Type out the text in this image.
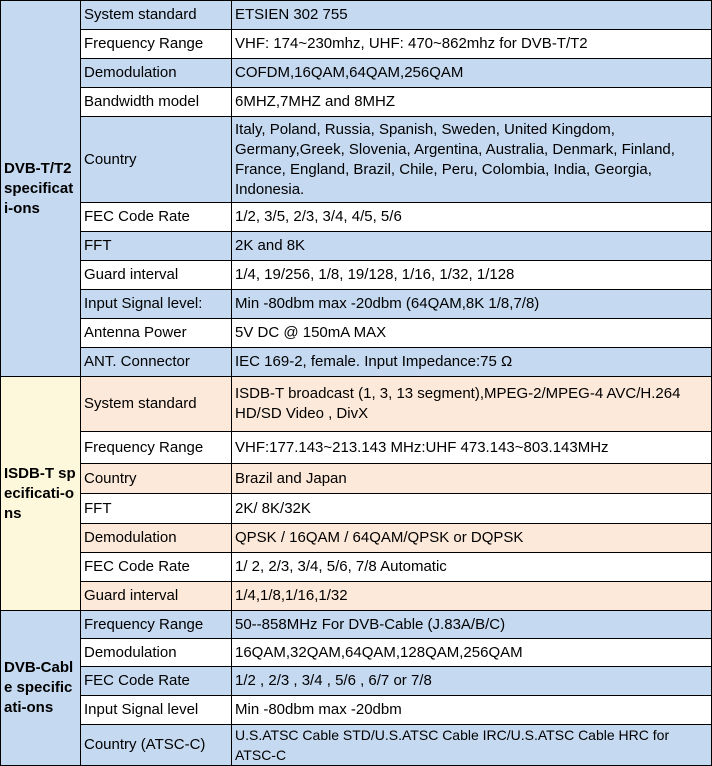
DVB-T/T2 specificati-ons	System standard	ETSIEN 302 755
	Frequency Range	VHF: 174~230mhz, UHF: 470~862mhz for DVB-T/T2
	Demodulation	COFDM,16QAM,64QAM,256QAM
	Bandwidth model	6MHZ,7MHZ and 8MHZ
	Country	Italy, Poland, Russia, Spanish, Sweden, United Kingdom, Germany,Greek, Slovenia, Argentina, Australia, Denmark, Finland, France, England, Brazil, Chile, Peru, Colombia, India, Georgia, Indonesia.
	FEC Code Rate	1/2, 3/5, 2/3, 3/4, 4/5, 5/6
	FFT	2K and 8K
	Guard interval	1/4, 19/256, 1/8, 19/128, 1/16, 1/32, 1/128
	Input Signal level:	Min -80dbm max -20dbm (64QAM,8K 1/8,7/8)
	Antenna Power	5V DC @ 150mA MAX
	ANT. Connector	IEC 169-2, female. Input Impedance:75 Ω
ISDB-T specificati-ons	System standard	ISDB-T broadcast (1, 3, 13 segment),MPEG-2/MPEG-4 AVC/H.264 HD/SD Video , DivX
	Frequency Range	VHF:177.143~213.143 MHz:UHF 473.143~803.143MHz
	Country	Brazil and Japan
	FFT	2K/ 8K/32K
	Demodulation	QPSK / 16QAM / 64QAM/QPSK or DQPSK
	FEC Code Rate	1/ 2, 2/3, 3/4, 5/6, 7/8 Automatic
	Guard interval	1/4,1/8,1/16,1/32
DVB-Cable specificati-ons	Frequency Range	50--858MHz For DVB-Cable (J.83A/B/C)
	Demodulation	16QAM,32QAM,64QAM,128QAM,256QAM
	FEC Code Rate	1/2 , 2/3 , 3/4 , 5/6 , 6/7 or 7/8
	Input Signal level	Min -80dbm max -20dbm
	Country (ATSC-C)	U.S.ATSC Cable STD/U.S.ATSC Cable IRC/U.S.ATSC Cable HRC for ATSC-C
